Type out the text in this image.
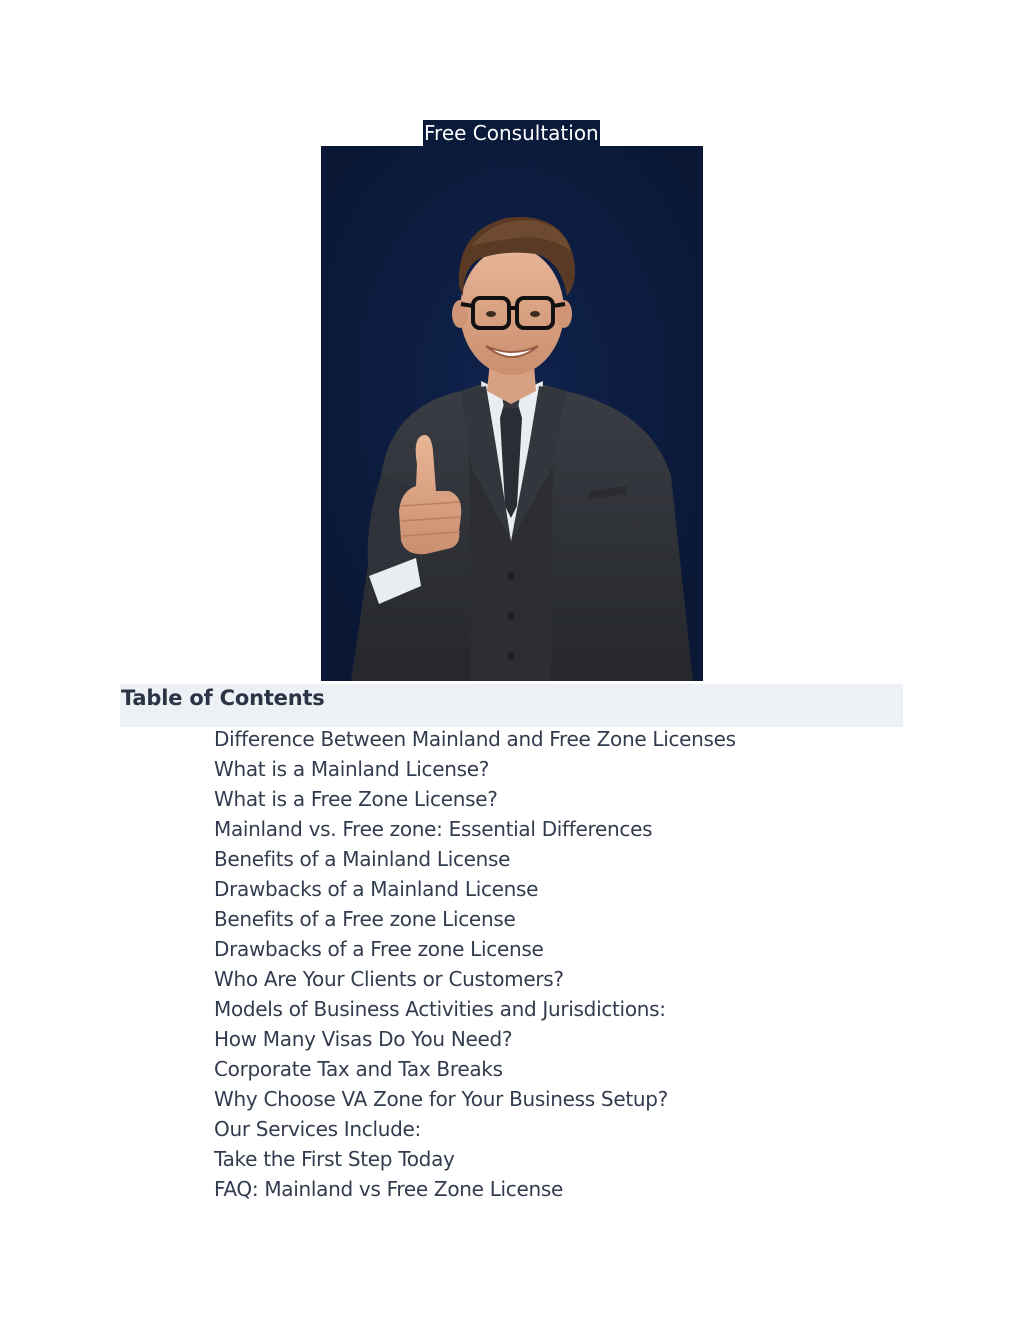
Free Consultation
Table of Contents
Difference Between Mainland and Free Zone Licenses
What is a Mainland License?
What is a Free Zone License?
Mainland vs. Free zone: Essential Differences
Benefits of a Mainland License
Drawbacks of a Mainland License
Benefits of a Free zone License
Drawbacks of a Free zone License
Who Are Your Clients or Customers?
Models of Business Activities and Jurisdictions:
How Many Visas Do You Need?
Corporate Tax and Tax Breaks
Why Choose VA Zone for Your Business Setup?
Our Services Include:
Take the First Step Today
FAQ: Mainland vs Free Zone License
